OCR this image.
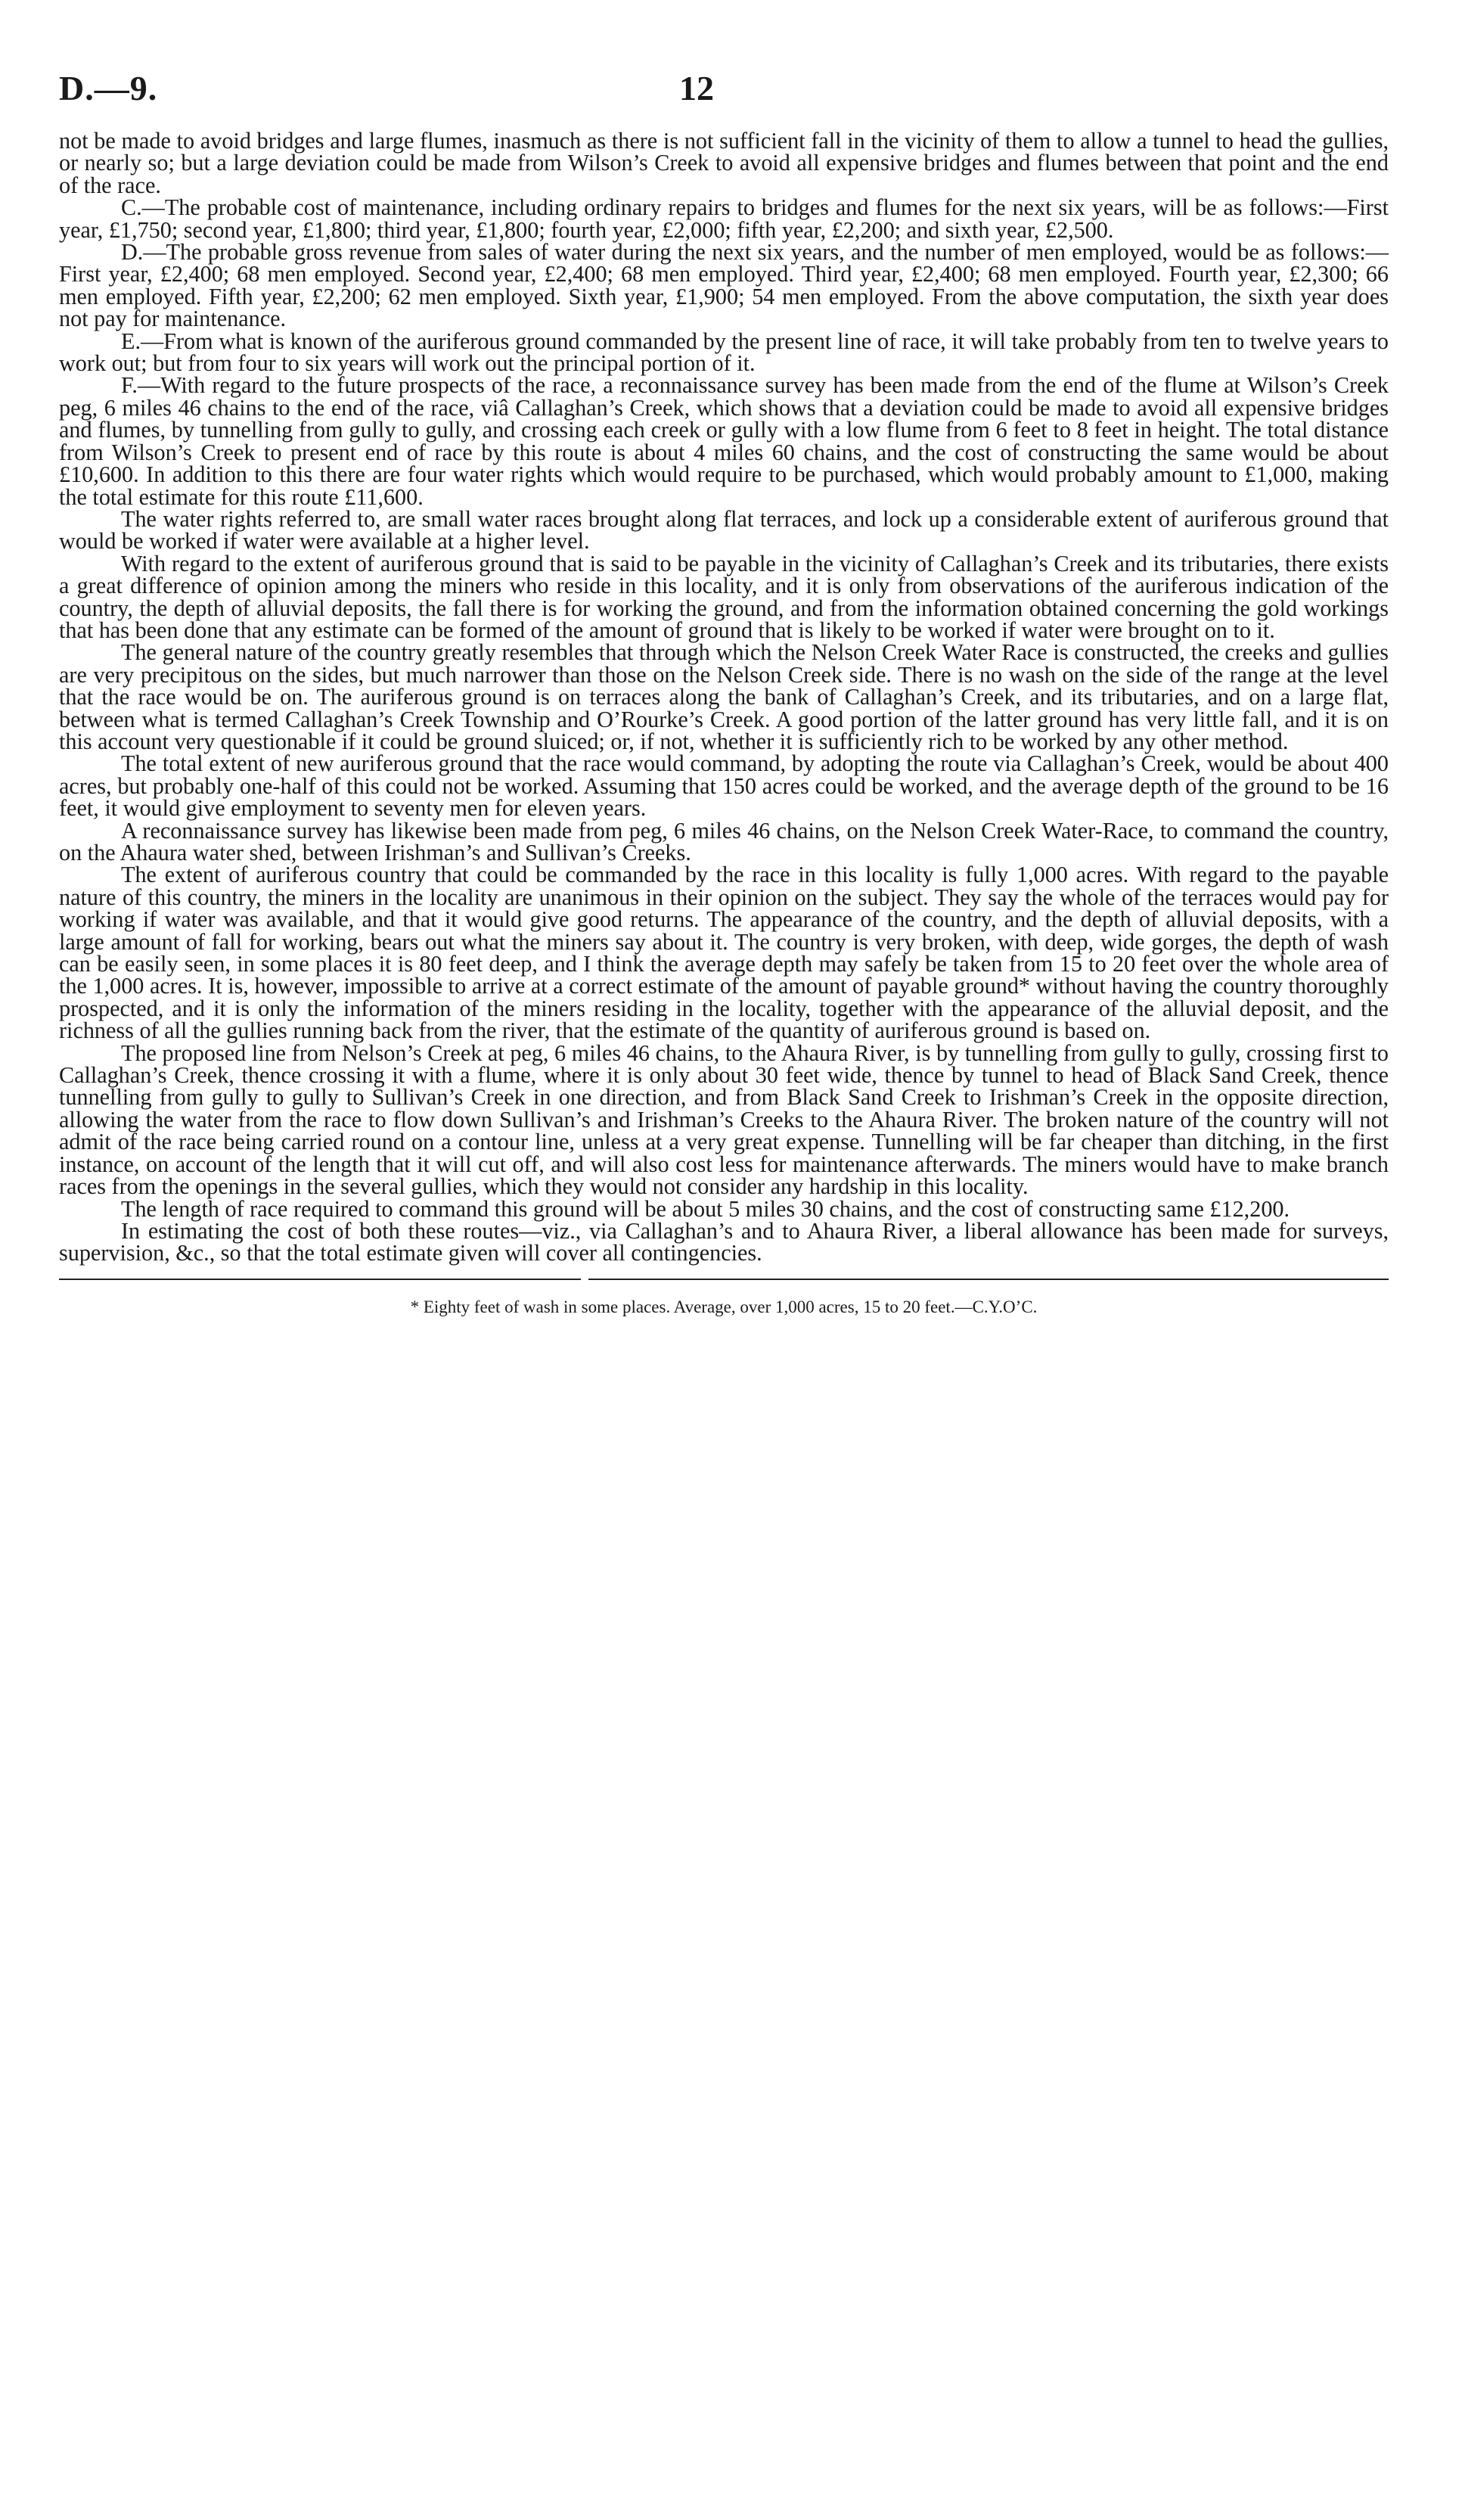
D.—9.	12

not be made to avoid bridges and large flumes, inasmuch as there is not sufficient fall in the vicinity of them to allow a tunnel to head the gullies, or nearly so; but a large deviation could be made from Wilson’s Creek to avoid all expensive bridges and flumes between that point and the end of the race.

C.—The probable cost of maintenance, including ordinary repairs to bridges and flumes for the next six years, will be as follows:—First year, £1,750; second year, £1,800; third year, £1,800; fourth year, £2,000; fifth year, £2,200; and sixth year, £2,500.

D.—The probable gross revenue from sales of water during the next six years, and the number of men employed, would be as follows:—First year, £2,400; 68 men employed. Second year, £2,400; 68 men employed. Third year, £2,400; 68 men employed. Fourth year, £2,300; 66 men employed. Fifth year, £2,200; 62 men employed. Sixth year, £1,900; 54 men employed. From the above computation, the sixth year does not pay for maintenance.

E.—From what is known of the auriferous ground commanded by the present line of race, it will take probably from ten to twelve years to work out; but from four to six years will work out the principal portion of it.

F.—With regard to the future prospects of the race, a reconnaissance survey has been made from the end of the flume at Wilson’s Creek peg, 6 miles 46 chains to the end of the race, viâ Callaghan’s Creek, which shows that a deviation could be made to avoid all expensive bridges and flumes, by tunnelling from gully to gully, and crossing each creek or gully with a low flume from 6 feet to 8 feet in height. The total distance from Wilson’s Creek to present end of race by this route is about 4 miles 60 chains, and the cost of constructing the same would be about £10,600. In addition to this there are four water rights which would require to be purchased, which would probably amount to £1,000, making the total estimate for this route £11,600.

The water rights referred to, are small water races brought along flat terraces, and lock up a considerable extent of auriferous ground that would be worked if water were available at a higher level.

With regard to the extent of auriferous ground that is said to be payable in the vicinity of Callaghan’s Creek and its tributaries, there exists a great difference of opinion among the miners who reside in this locality, and it is only from observations of the auriferous indication of the country, the depth of alluvial deposits, the fall there is for working the ground, and from the information obtained concerning the gold workings that has been done that any estimate can be formed of the amount of ground that is likely to be worked if water were brought on to it.

The general nature of the country greatly resembles that through which the Nelson Creek Water Race is constructed, the creeks and gullies are very precipitous on the sides, but much narrower than those on the Nelson Creek side. There is no wash on the side of the range at the level that the race would be on. The auriferous ground is on terraces along the bank of Callaghan’s Creek, and its tributaries, and on a large flat, between what is termed Callaghan’s Creek Township and O’Rourke’s Creek. A good portion of the latter ground has very little fall, and it is on this account very questionable if it could be ground sluiced; or, if not, whether it is sufficiently rich to be worked by any other method.

The total extent of new auriferous ground that the race would command, by adopting the route via Callaghan’s Creek, would be about 400 acres, but probably one-half of this could not be worked. Assuming that 150 acres could be worked, and the average depth of the ground to be 16 feet, it would give employment to seventy men for eleven years.

A reconnaissance survey has likewise been made from peg, 6 miles 46 chains, on the Nelson Creek Water-Race, to command the country, on the Ahaura water shed, between Irishman’s and Sullivan’s Creeks.

The extent of auriferous country that could be commanded by the race in this locality is fully 1,000 acres. With regard to the payable nature of this country, the miners in the locality are unanimous in their opinion on the subject. They say the whole of the terraces would pay for working if water was available, and that it would give good returns. The appearance of the country, and the depth of alluvial deposits, with a large amount of fall for working, bears out what the miners say about it. The country is very broken, with deep, wide gorges, the depth of wash can be easily seen, in some places it is 80 feet deep, and I think the average depth may safely be taken from 15 to 20 feet over the whole area of the 1,000 acres. It is, however, impossible to arrive at a correct estimate of the amount of payable ground* without having the country thoroughly prospected, and it is only the information of the miners residing in the locality, together with the appearance of the alluvial deposit, and the richness of all the gullies running back from the river, that the estimate of the quantity of auriferous ground is based on.

The proposed line from Nelson’s Creek at peg, 6 miles 46 chains, to the Ahaura River, is by tunnelling from gully to gully, crossing first to Callaghan’s Creek, thence crossing it with a flume, where it is only about 30 feet wide, thence by tunnel to head of Black Sand Creek, thence tunnelling from gully to gully to Sullivan’s Creek in one direction, and from Black Sand Creek to Irishman’s Creek in the opposite direction, allowing the water from the race to flow down Sullivan’s and Irishman’s Creeks to the Ahaura River. The broken nature of the country will not admit of the race being carried round on a contour line, unless at a very great expense. Tunnelling will be far cheaper than ditching, in the first instance, on account of the length that it will cut off, and will also cost less for maintenance afterwards. The miners would have to make branch races from the openings in the several gullies, which they would not consider any hardship in this locality.

The length of race required to command this ground will be about 5 miles 30 chains, and the cost of constructing same £12,200.

In estimating the cost of both these routes—viz., via Callaghan’s and to Ahaura River, a liberal allowance has been made for surveys, supervision, &c., so that the total estimate given will cover all contingencies.

* Eighty feet of wash in some places. Average, over 1,000 acres, 15 to 20 feet.—C.Y.O’C.
